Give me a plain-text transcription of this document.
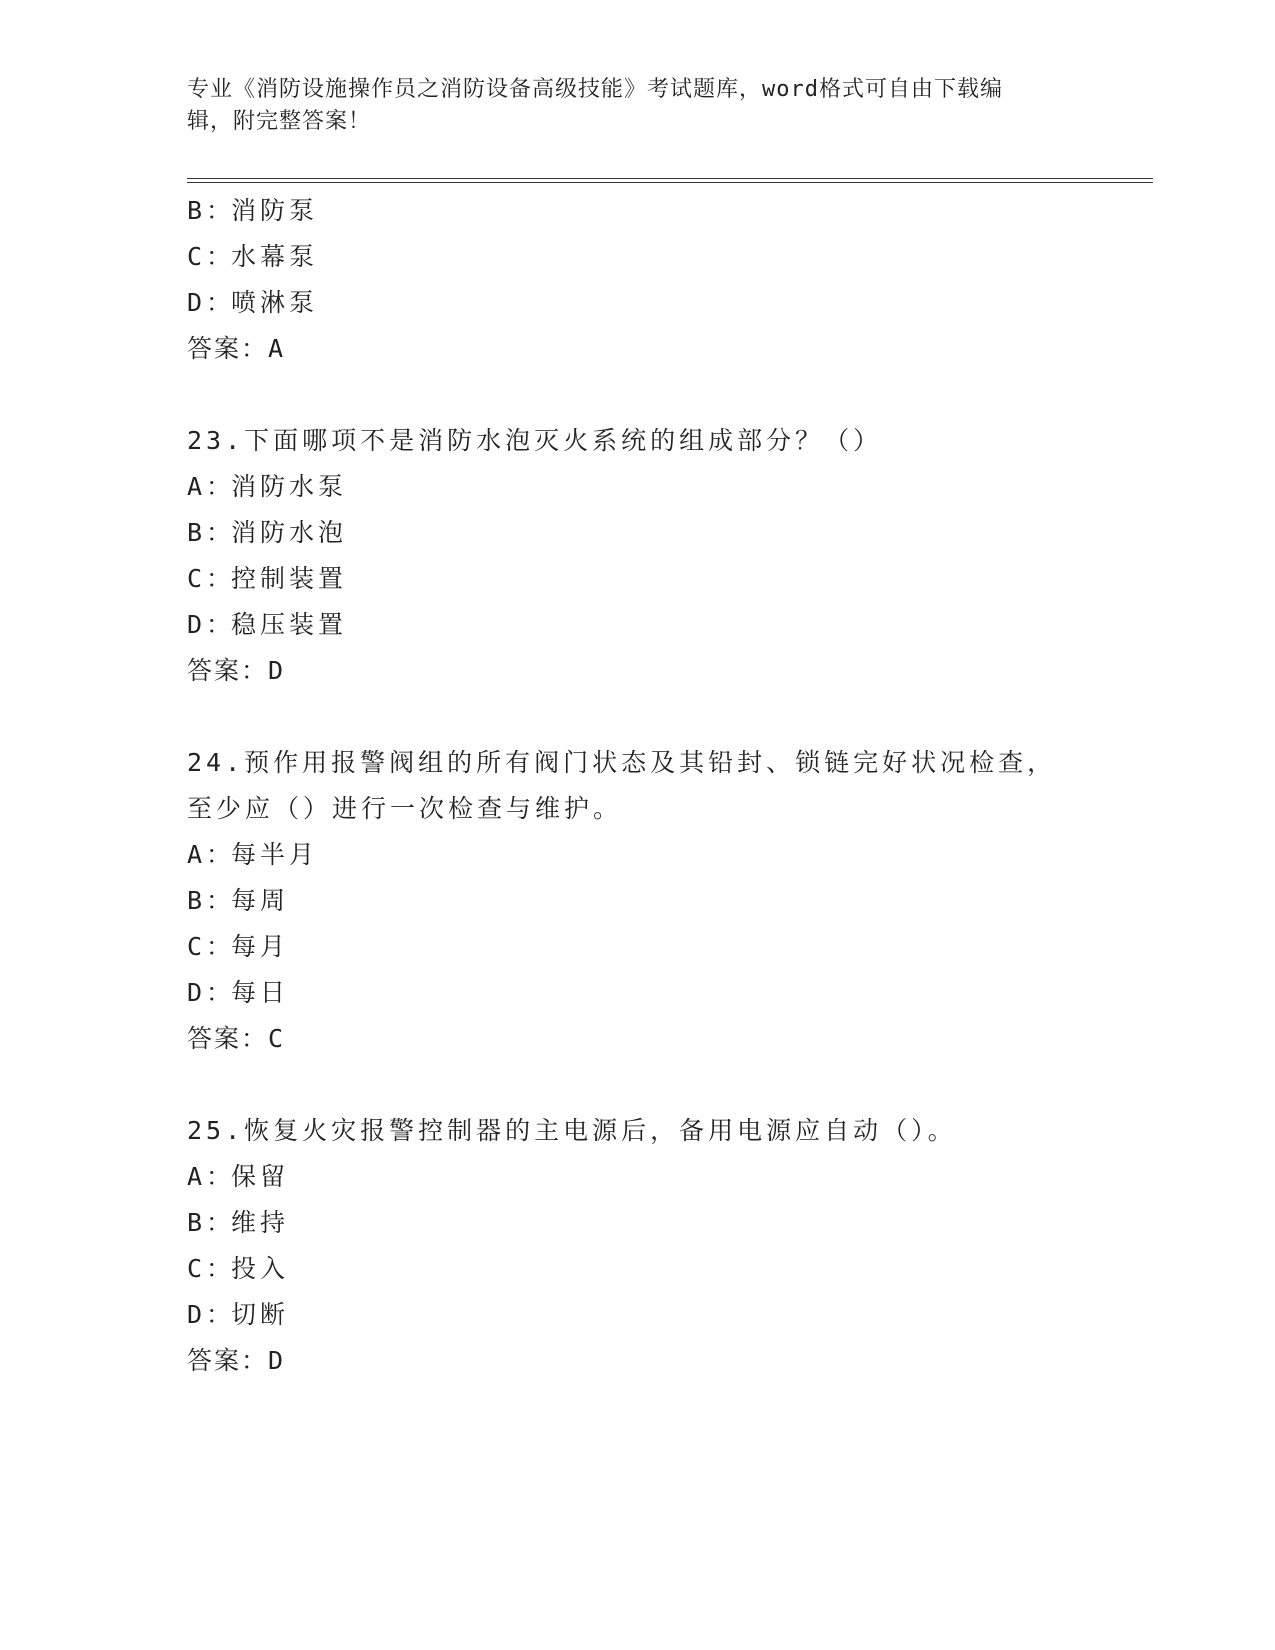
专业《消防设施操作员之消防设备高级技能》考试题库，word格式可自由下载编
辑，附完整答案！
B：消防泵
C：水幕泵
D：喷淋泵
答案：A
23.下面哪项不是消防水泡灭火系统的组成部分？（）
A：消防水泵
B：消防水泡
C：控制装置
D：稳压装置
答案：D
24.预作用报警阀组的所有阀门状态及其铅封、锁链完好状况检查，至少应（）进行一次检查与维护。
A：每半月
B：每周
C：每月
D：每日
答案：C
25.恢复火灾报警控制器的主电源后，备用电源应自动（）。
A：保留
B：维持
C：投入
D：切断
答案：D
